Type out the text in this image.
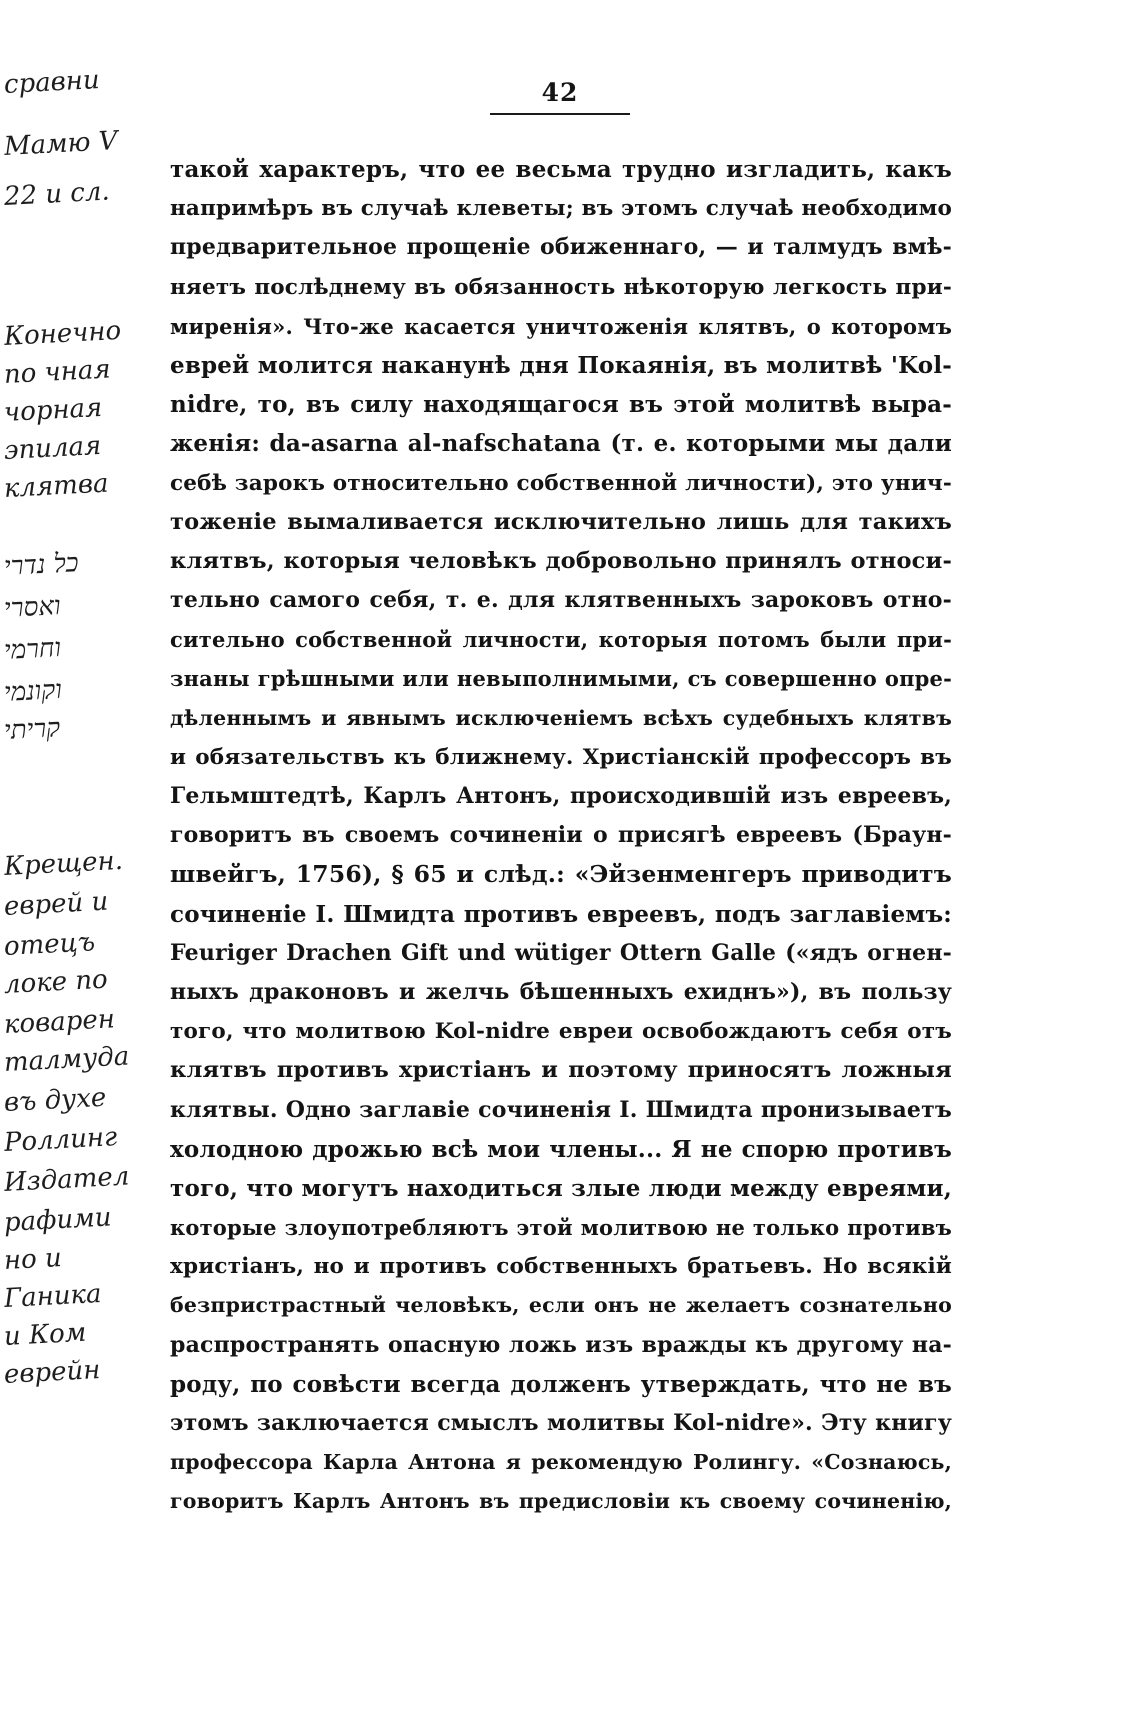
42
такой характеръ, что ее весьма трудно изгладить, какъ
напримѣръ въ случаѣ клеветы; въ этомъ случаѣ необходимо
предварительное прощеніе обиженнаго, — и талмудъ вмѣ-
няетъ послѣднему въ обязанность нѣкоторую легкость при-
миренія». Что-же касается уничтоженія клятвъ, о которомъ
еврей молится наканунѣ дня Покаянія, въ молитвѣ 'Kol-
nidre, то, въ силу находящагося въ этой молитвѣ выра-
женія: da-asarna al-nafschatana (т. е. которыми мы дали
себѣ зарокъ относительно собственной личности), это унич-
тоженіе вымаливается исключительно лишь для такихъ
клятвъ, которыя человѣкъ добровольно принялъ относи-
тельно самого себя, т. е. для клятвенныхъ зароковъ отно-
сительно собственной личности, которыя потомъ были при-
знаны грѣшными или невыполнимыми, съ совершенно опре-
дѣленнымъ и явнымъ исключеніемъ всѣхъ судебныхъ клятвъ
и обязательствъ къ ближнему. Христіанскій профессоръ въ
Гельмштедтѣ, Карлъ Антонъ, происходившій изъ евреевъ,
говоритъ въ своемъ сочиненіи о присягѣ евреевъ (Браун-
швейгъ, 1756), § 65 и слѣд.: «Эйзенменгеръ приводитъ
сочиненіе І. Шмидта противъ евреевъ, подъ заглавіемъ:
Feuriger Drachen Gift und wütiger Ottern Galle («ядъ огнен-
ныхъ драконовъ и желчь бѣшенныхъ ехиднъ»), въ пользу
того, что молитвою Kol-nidre евреи освобождаютъ себя отъ
клятвъ противъ христіанъ и поэтому приносятъ ложныя
клятвы. Одно заглавіе сочиненія І. Шмидта пронизываетъ
холодною дрожью всѣ мои члены... Я не спорю противъ
того, что могутъ находиться злые люди между евреями,
которые злоупотребляютъ этой молитвою не только противъ
христіанъ, но и противъ собственныхъ братьевъ. Но всякій
безпристрастный человѣкъ, если онъ не желаетъ сознательно
распространять опасную ложь изъ вражды къ другому на-
роду, по совѣсти всегда долженъ утверждать, что не въ
этомъ заключается смыслъ молитвы Kol-nidre». Эту книгу
профессора Карла Антона я рекомендую Ролингу. «Сознаюсь,
говоритъ Карлъ Антонъ въ предисловіи къ своему сочиненію,
сравни
Мамю V
22 и сл.
Конечно
по чная
чорная
эпилая
клятва
כל נדרי
ואסרי
וחרמי
וקונמי
קריתי
Крещен.
еврей и
отецъ
локе по
коварен
талмуда
въ духе
Роллинг
Издател
рафими
но и
Ганика
и Ком
еврейн
